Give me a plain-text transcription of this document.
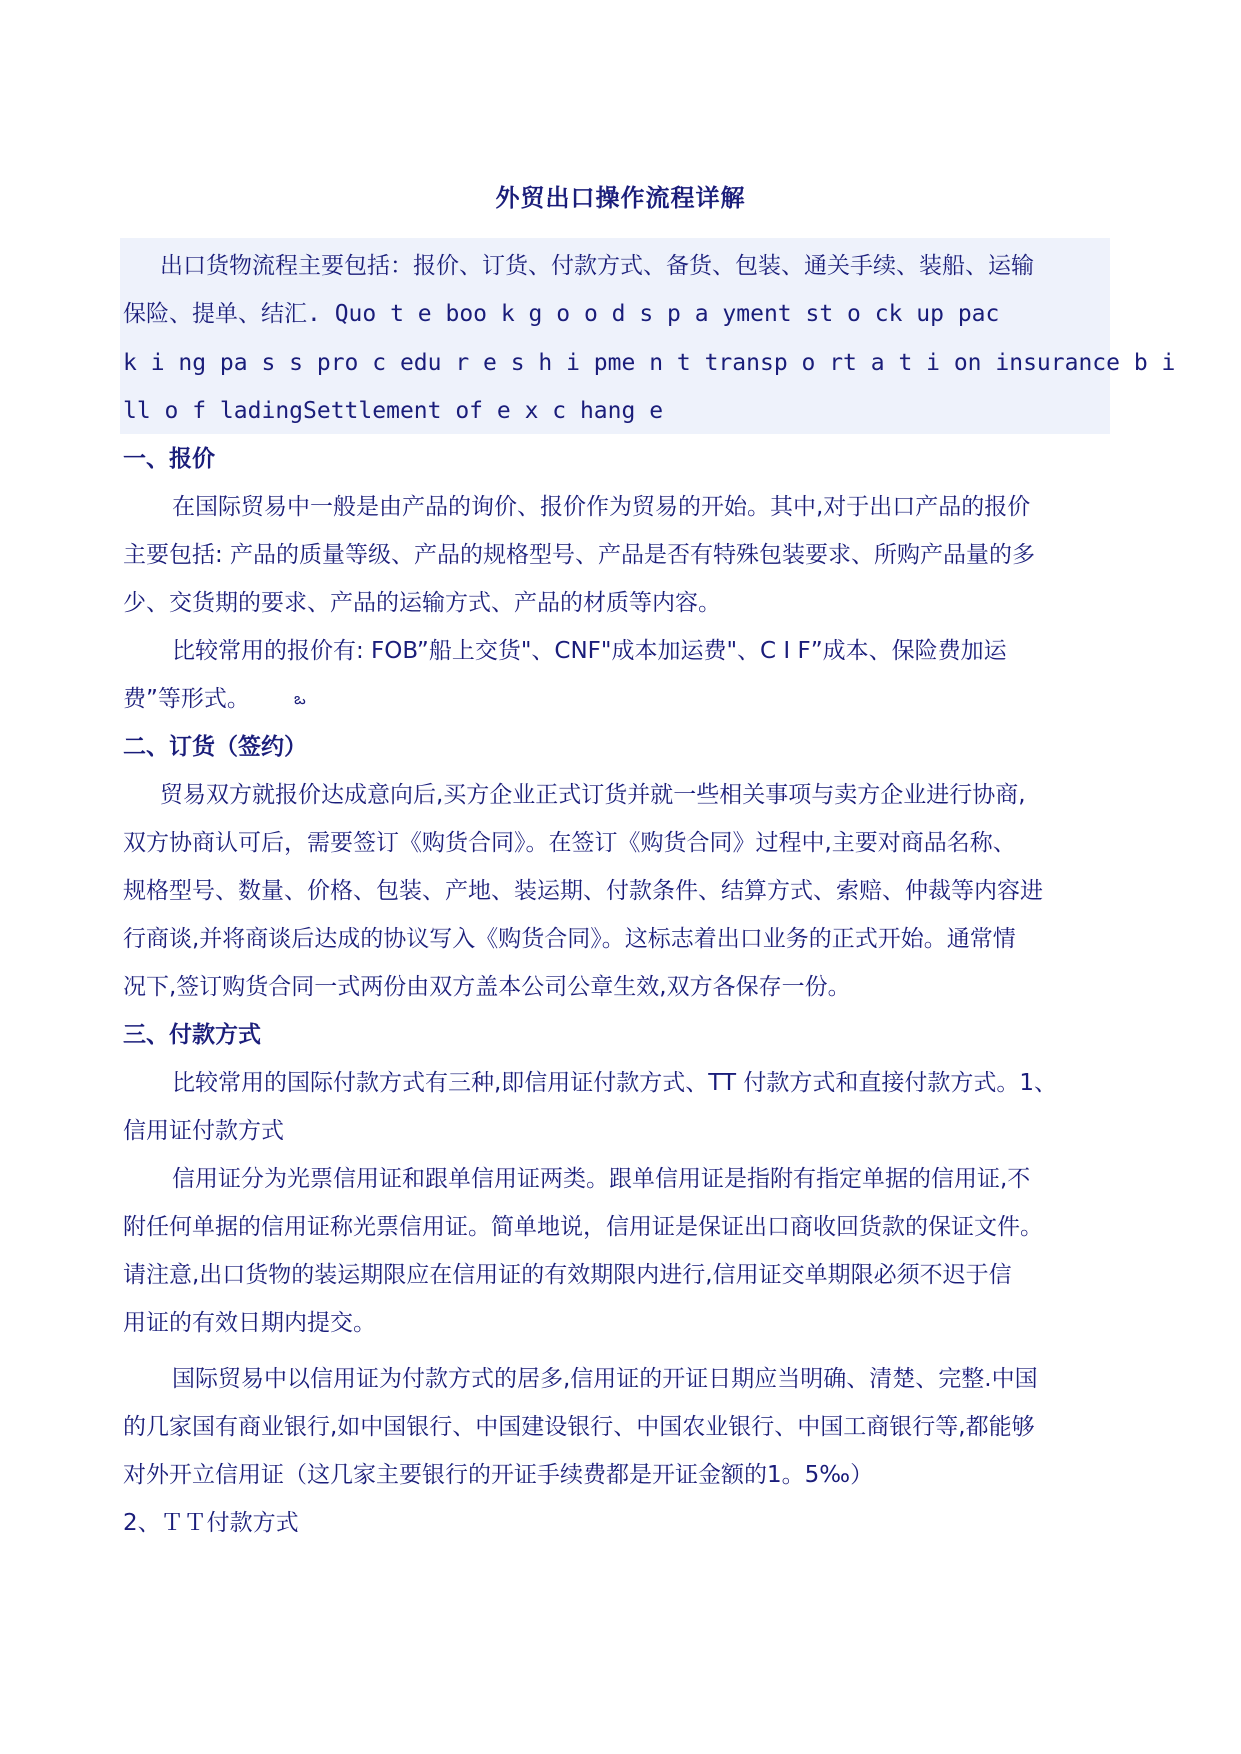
外贸出口操作流程详解
出口货物流程主要包括：报价、订货、付款方式、备货、包装、通关手续、装船、运输
保险、提单、结汇. Quo t e boo k g o o d s p a yment st o ck up pac
k i ng pa s s pro c edu r e s h i pme n t transp o rt a t i on insurance b i
ll o f ladingSettlement of e x c hang e
一、报价
在国际贸易中一般是由产品的询价、报价作为贸易的开始。其中,对于出口产品的报价
主要包括: 产品的质量等级、产品的规格型号、产品是否有特殊包装要求、所购产品量的多
少、交货期的要求、产品的运输方式、产品的材质等内容。
比较常用的报价有: FOB”船上交货"、CNF"成本加运费"、C I F”成本、保险费加运
费”等形式。	ఒ
二、订货（签约）
贸易双方就报价达成意向后,买方企业正式订货并就一些相关事项与卖方企业进行协商,
双方协商认可后，需要签订《购货合同》。在签订《购货合同》过程中,主要对商品名称、
规格型号、数量、价格、包装、产地、装运期、付款条件、结算方式、索赔、仲裁等内容进
行商谈,并将商谈后达成的协议写入《购货合同》。这标志着出口业务的正式开始。通常情
况下,签订购货合同一式两份由双方盖本公司公章生效,双方各保存一份。
三、付款方式
比较常用的国际付款方式有三种,即信用证付款方式、TT 付款方式和直接付款方式。1、
信用证付款方式
信用证分为光票信用证和跟单信用证两类。跟单信用证是指附有指定单据的信用证,不
附任何单据的信用证称光票信用证。简单地说，信用证是保证出口商收回货款的保证文件。
请注意,出口货物的装运期限应在信用证的有效期限内进行,信用证交单期限必须不迟于信
用证的有效日期内提交。
国际贸易中以信用证为付款方式的居多,信用证的开证日期应当明确、清楚、完整.中国
的几家国有商业银行,如中国银行、中国建设银行、中国农业银行、中国工商银行等,都能够
对外开立信用证（这几家主要银行的开证手续费都是开证金额的1。5‰）
2、ＴＴ付款方式
